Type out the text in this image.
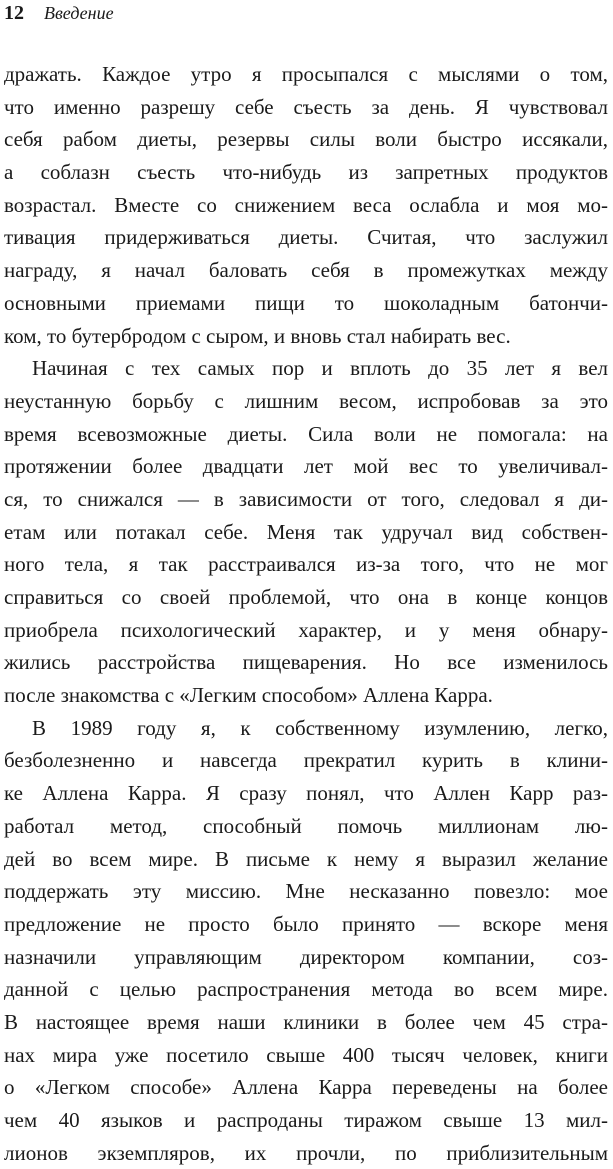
12 Введение

дражать. Каждое утро я просыпался с мыслями о том,
что именно разрешу себе съесть за день. Я чувствовал
себя рабом диеты, резервы силы воли быстро иссякали,
а соблазн съесть что-нибудь из запретных продуктов
возрастал. Вместе со снижением веса ослабла и моя мо-
тивация придерживаться диеты. Считая, что заслужил
награду, я начал баловать себя в промежутках между
основными приемами пищи то шоколадным батончи-
ком, то бутербродом с сыром, и вновь стал набирать вес.

Начиная с тех самых пор и вплоть до 35 лет я вел
неустанную борьбу с лишним весом, испробовав за это
время всевозможные диеты. Сила воли не помогала: на
протяжении более двадцати лет мой вес то увеличивал-
ся, то снижался — в зависимости от того, следовал я ди-
етам или потакал себе. Меня так удручал вид собствен-
ного тела, я так расстраивался из-за того, что не мог
справиться со своей проблемой, что она в конце концов
приобрела психологический характер, и у меня обнару-
жились расстройства пищеварения. Но все изменилось
после знакомства с «Легким способом» Аллена Карра.

В 1989 году я, к собственному изумлению, легко,
безболезненно и навсегда прекратил курить в клини-
ке Аллена Карра. Я сразу понял, что Аллен Карр раз-
работал метод, способный помочь миллионам лю-
дей во всем мире. В письме к нему я выразил желание
поддержать эту миссию. Мне несказанно повезло: мое
предложение не просто было принято — вскоре меня
назначили управляющим директором компании, соз-
данной с целью распространения метода во всем мире.
В настоящее время наши клиники в более чем 45 стра-
нах мира уже посетило свыше 400 тысяч человек, книги
о «Легком способе» Аллена Карра переведены на более
чем 40 языков и распроданы тиражом свыше 13 мил-
лионов экземпляров, их прочли, по приблизительным
